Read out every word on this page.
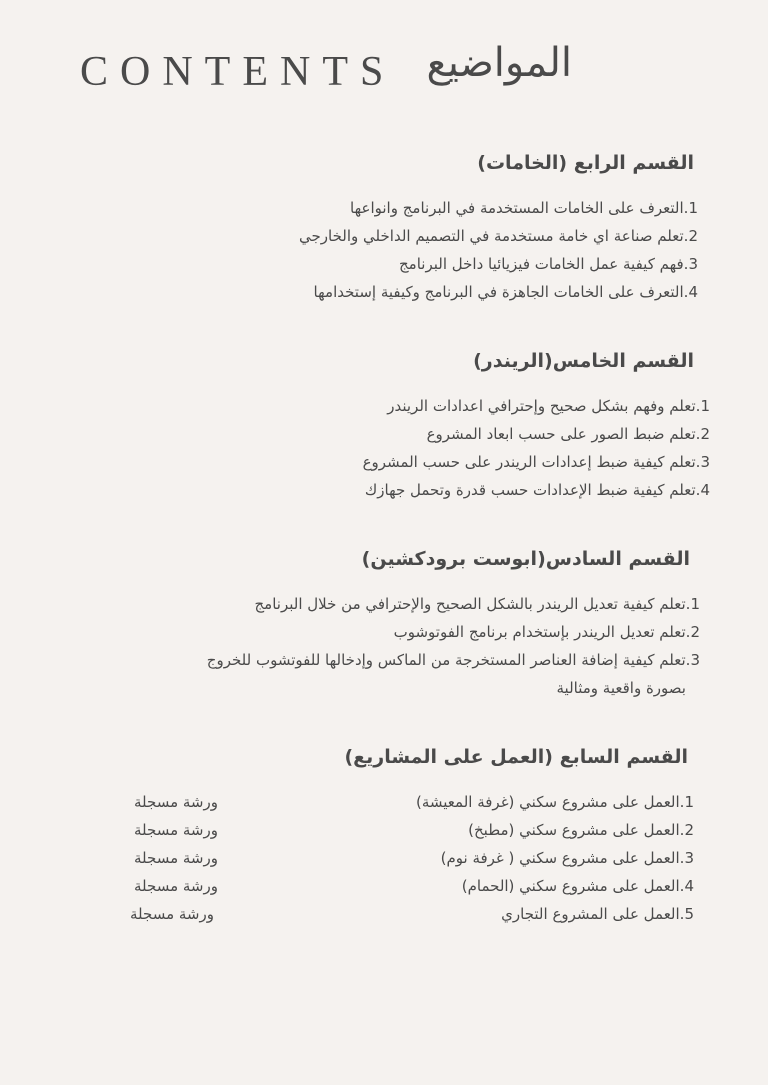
CONTENTS المواضيع
القسم الرابع (الخامات)
1.التعرف على الخامات المستخدمة في البرنامج وانواعها
2.تعلم صناعة اي خامة مستخدمة في التصميم الداخلي والخارجي
3.فهم كيفية عمل الخامات فيزيائيا داخل البرنامج
4.التعرف على الخامات الجاهزة في البرنامج وكيفية إستخدامها
القسم الخامس(الريندر)
1.تعلم وفهم بشكل صحيح وإحترافي اعدادات الريندر
2.تعلم ضبط الصور على حسب ابعاد المشروع
3.تعلم كيفية ضبط إعدادات الريندر على حسب المشروع
4.تعلم كيفية ضبط الإعدادات حسب قدرة وتحمل جهازك
القسم السادس(ابوست برودكشين)
1.تعلم كيفية تعديل الريندر بالشكل الصحيح والإحترافي من خلال البرنامج
2.تعلم تعديل الريندر بإستخدام برنامج الفوتوشوب
3.تعلم كيفية إضافة العناصر المستخرجة من الماكس وإدخالها للفوتشوب للخروج
بصورة واقعية ومثالية
القسم السابع (العمل على المشاريع)
1.العمل على مشروع سكني (غرفة المعيشة)
ورشة مسجلة
2.العمل على مشروع سكني (مطبخ)
ورشة مسجلة
3.العمل على مشروع سكني ( غرفة نوم)
ورشة مسجلة
4.العمل على مشروع سكني (الحمام)
ورشة مسجلة
5.العمل على المشروع التجاري
ورشة مسجلة
